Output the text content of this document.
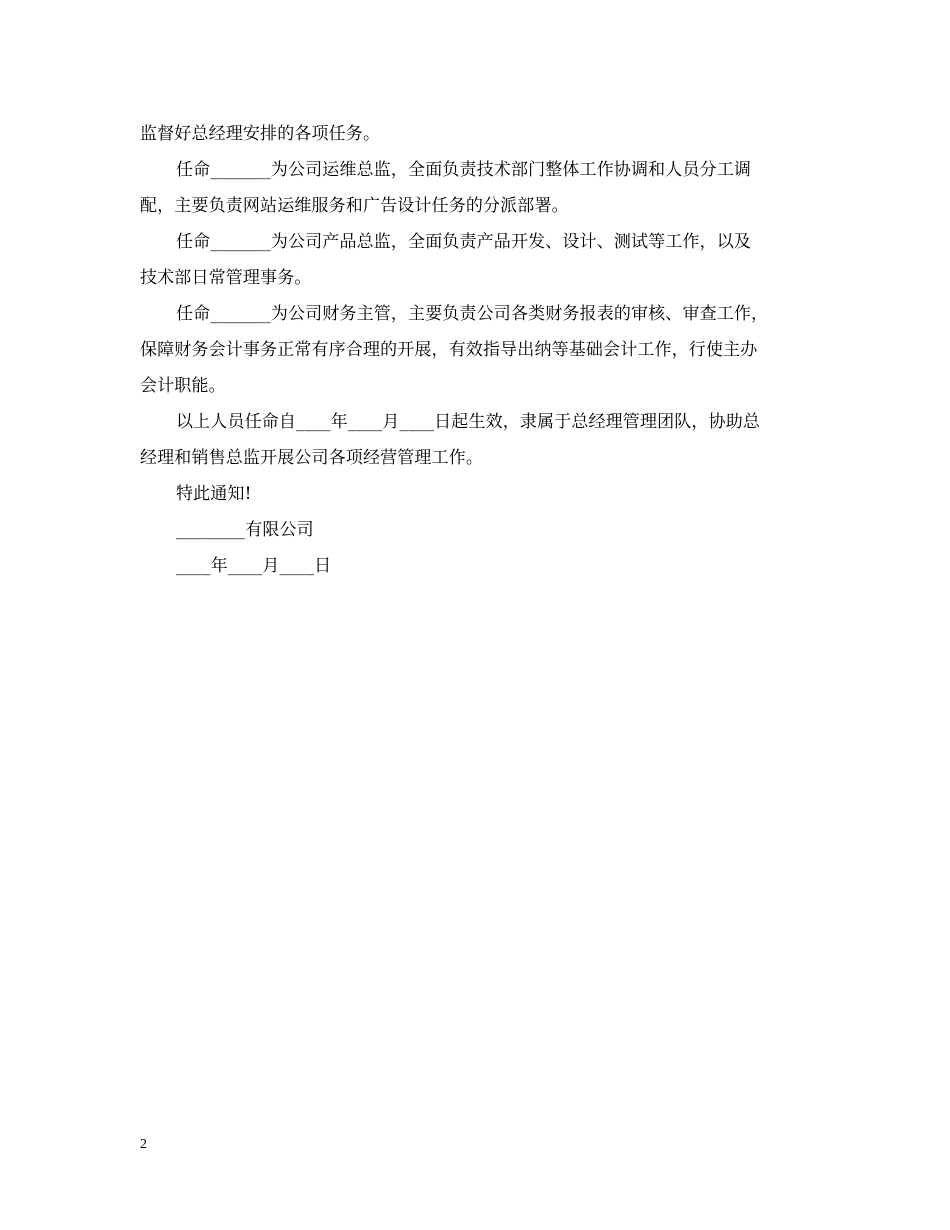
监督好总经理安排的各项任务。
任命_______为公司运维总监，全面负责技术部门整体工作协调和人员分工调
配，主要负责网站运维服务和广告设计任务的分派部署。
任命_______为公司产品总监，全面负责产品开发、设计、测试等工作，以及
技术部日常管理事务。
任命_______为公司财务主管，主要负责公司各类财务报表的审核、审查工作，
保障财务会计事务正常有序合理的开展，有效指导出纳等基础会计工作，行使主办
会计职能。
以上人员任命自____年____月____日起生效，隶属于总经理管理团队，协助总
经理和销售总监开展公司各项经营管理工作。
特此通知!
________有限公司
____年____月____日
2
